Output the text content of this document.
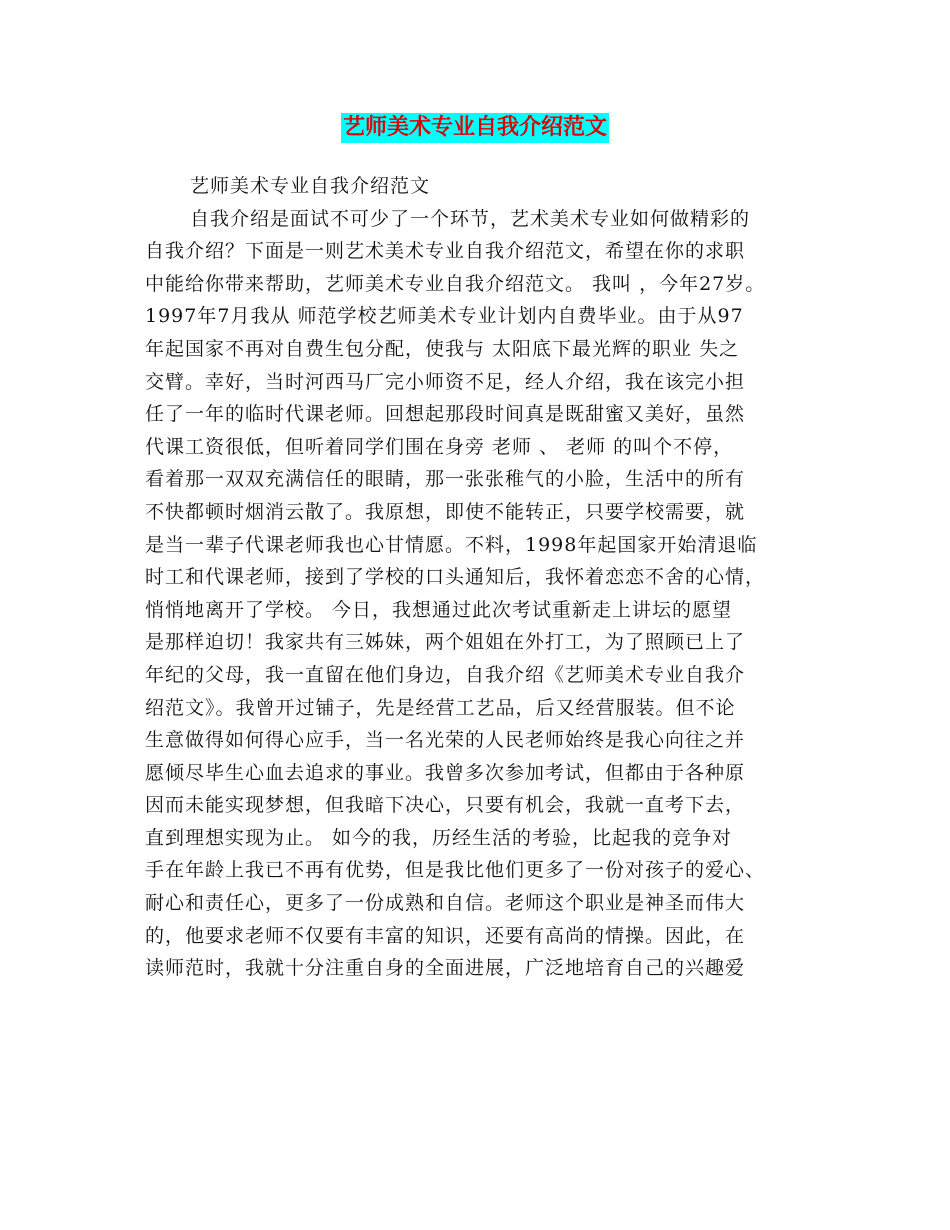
艺师美术专业自我介绍范文
艺师美术专业自我介绍范文
自我介绍是面试不可少了一个环节，艺术美术专业如何做精彩的
自我介绍？下面是一则艺术美术专业自我介绍范文，希望在你的求职
中能给你带来帮助，艺师美术专业自我介绍范文。 我叫 ，今年27岁。
1997年7月我从 师范学校艺师美术专业计划内自费毕业。由于从97
年起国家不再对自费生包分配，使我与 太阳底下最光辉的职业 失之
交臂。幸好，当时河西马厂完小师资不足，经人介绍，我在该完小担
任了一年的临时代课老师。回想起那段时间真是既甜蜜又美好，虽然
代课工资很低，但听着同学们围在身旁 老师 、 老师 的叫个不停，
看着那一双双充满信任的眼睛，那一张张稚气的小脸，生活中的所有
不快都顿时烟消云散了。我原想，即使不能转正，只要学校需要，就
是当一辈子代课老师我也心甘情愿。不料，1998年起国家开始清退临
时工和代课老师，接到了学校的口头通知后，我怀着恋恋不舍的心情，
悄悄地离开了学校。 今日，我想通过此次考试重新走上讲坛的愿望
是那样迫切！我家共有三姊妹，两个姐姐在外打工，为了照顾已上了
年纪的父母，我一直留在他们身边，自我介绍《艺师美术专业自我介
绍范文》。我曾开过铺子，先是经营工艺品，后又经营服装。但不论
生意做得如何得心应手，当一名光荣的人民老师始终是我心向往之并
愿倾尽毕生心血去追求的事业。我曾多次参加考试，但都由于各种原
因而未能实现梦想，但我暗下决心，只要有机会，我就一直考下去，
直到理想实现为止。 如今的我，历经生活的考验，比起我的竞争对
手在年龄上我已不再有优势，但是我比他们更多了一份对孩子的爱心、
耐心和责任心，更多了一份成熟和自信。老师这个职业是神圣而伟大
的，他要求老师不仅要有丰富的知识，还要有高尚的情操。因此，在
读师范时，我就十分注重自身的全面进展，广泛地培育自己的兴趣爱
